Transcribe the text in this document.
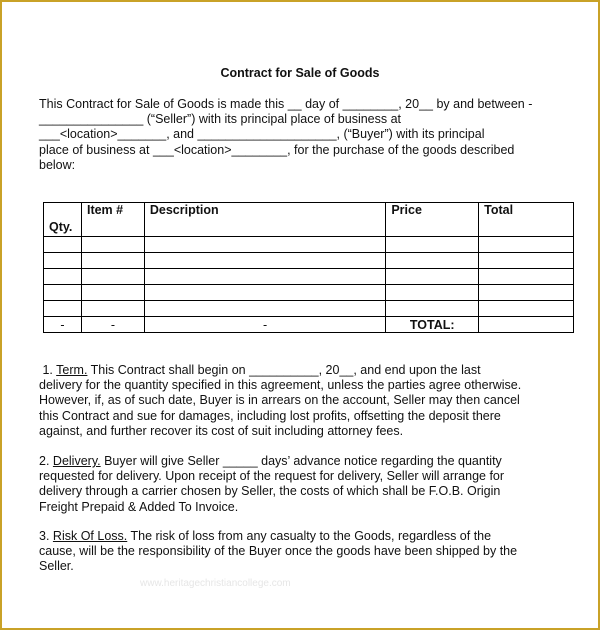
Contract for Sale of Goods
This Contract for Sale of Goods is made this __ day of ________, 20__ by and between -
_______________ (“Seller”) with its principal place of business at
___<location>_______, and ____________________, (“Buyer”) with its principal
place of business at ___<location>________, for the purchase of the goods described
below:
Qty.	Item #	Description	Price	Total

-	-	-	TOTAL:	
1. Term. This Contract shall begin on __________, 20__, and end upon the last
delivery for the quantity specified in this agreement, unless the parties agree otherwise.
However, if, as of such date, Buyer is in arrears on the account, Seller may then cancel
this Contract and sue for damages, including lost profits, offsetting the deposit there
against, and further recover its cost of suit including attorney fees.
2. Delivery. Buyer will give Seller _____ days’ advance notice regarding the quantity
requested for delivery. Upon receipt of the request for delivery, Seller will arrange for
delivery through a carrier chosen by Seller, the costs of which shall be F.O.B. Origin
Freight Prepaid & Added To Invoice.
3. Risk Of Loss. The risk of loss from any casualty to the Goods, regardless of the
cause, will be the responsibility of the Buyer once the goods have been shipped by the
Seller.
www.heritagechristiancollege.com
